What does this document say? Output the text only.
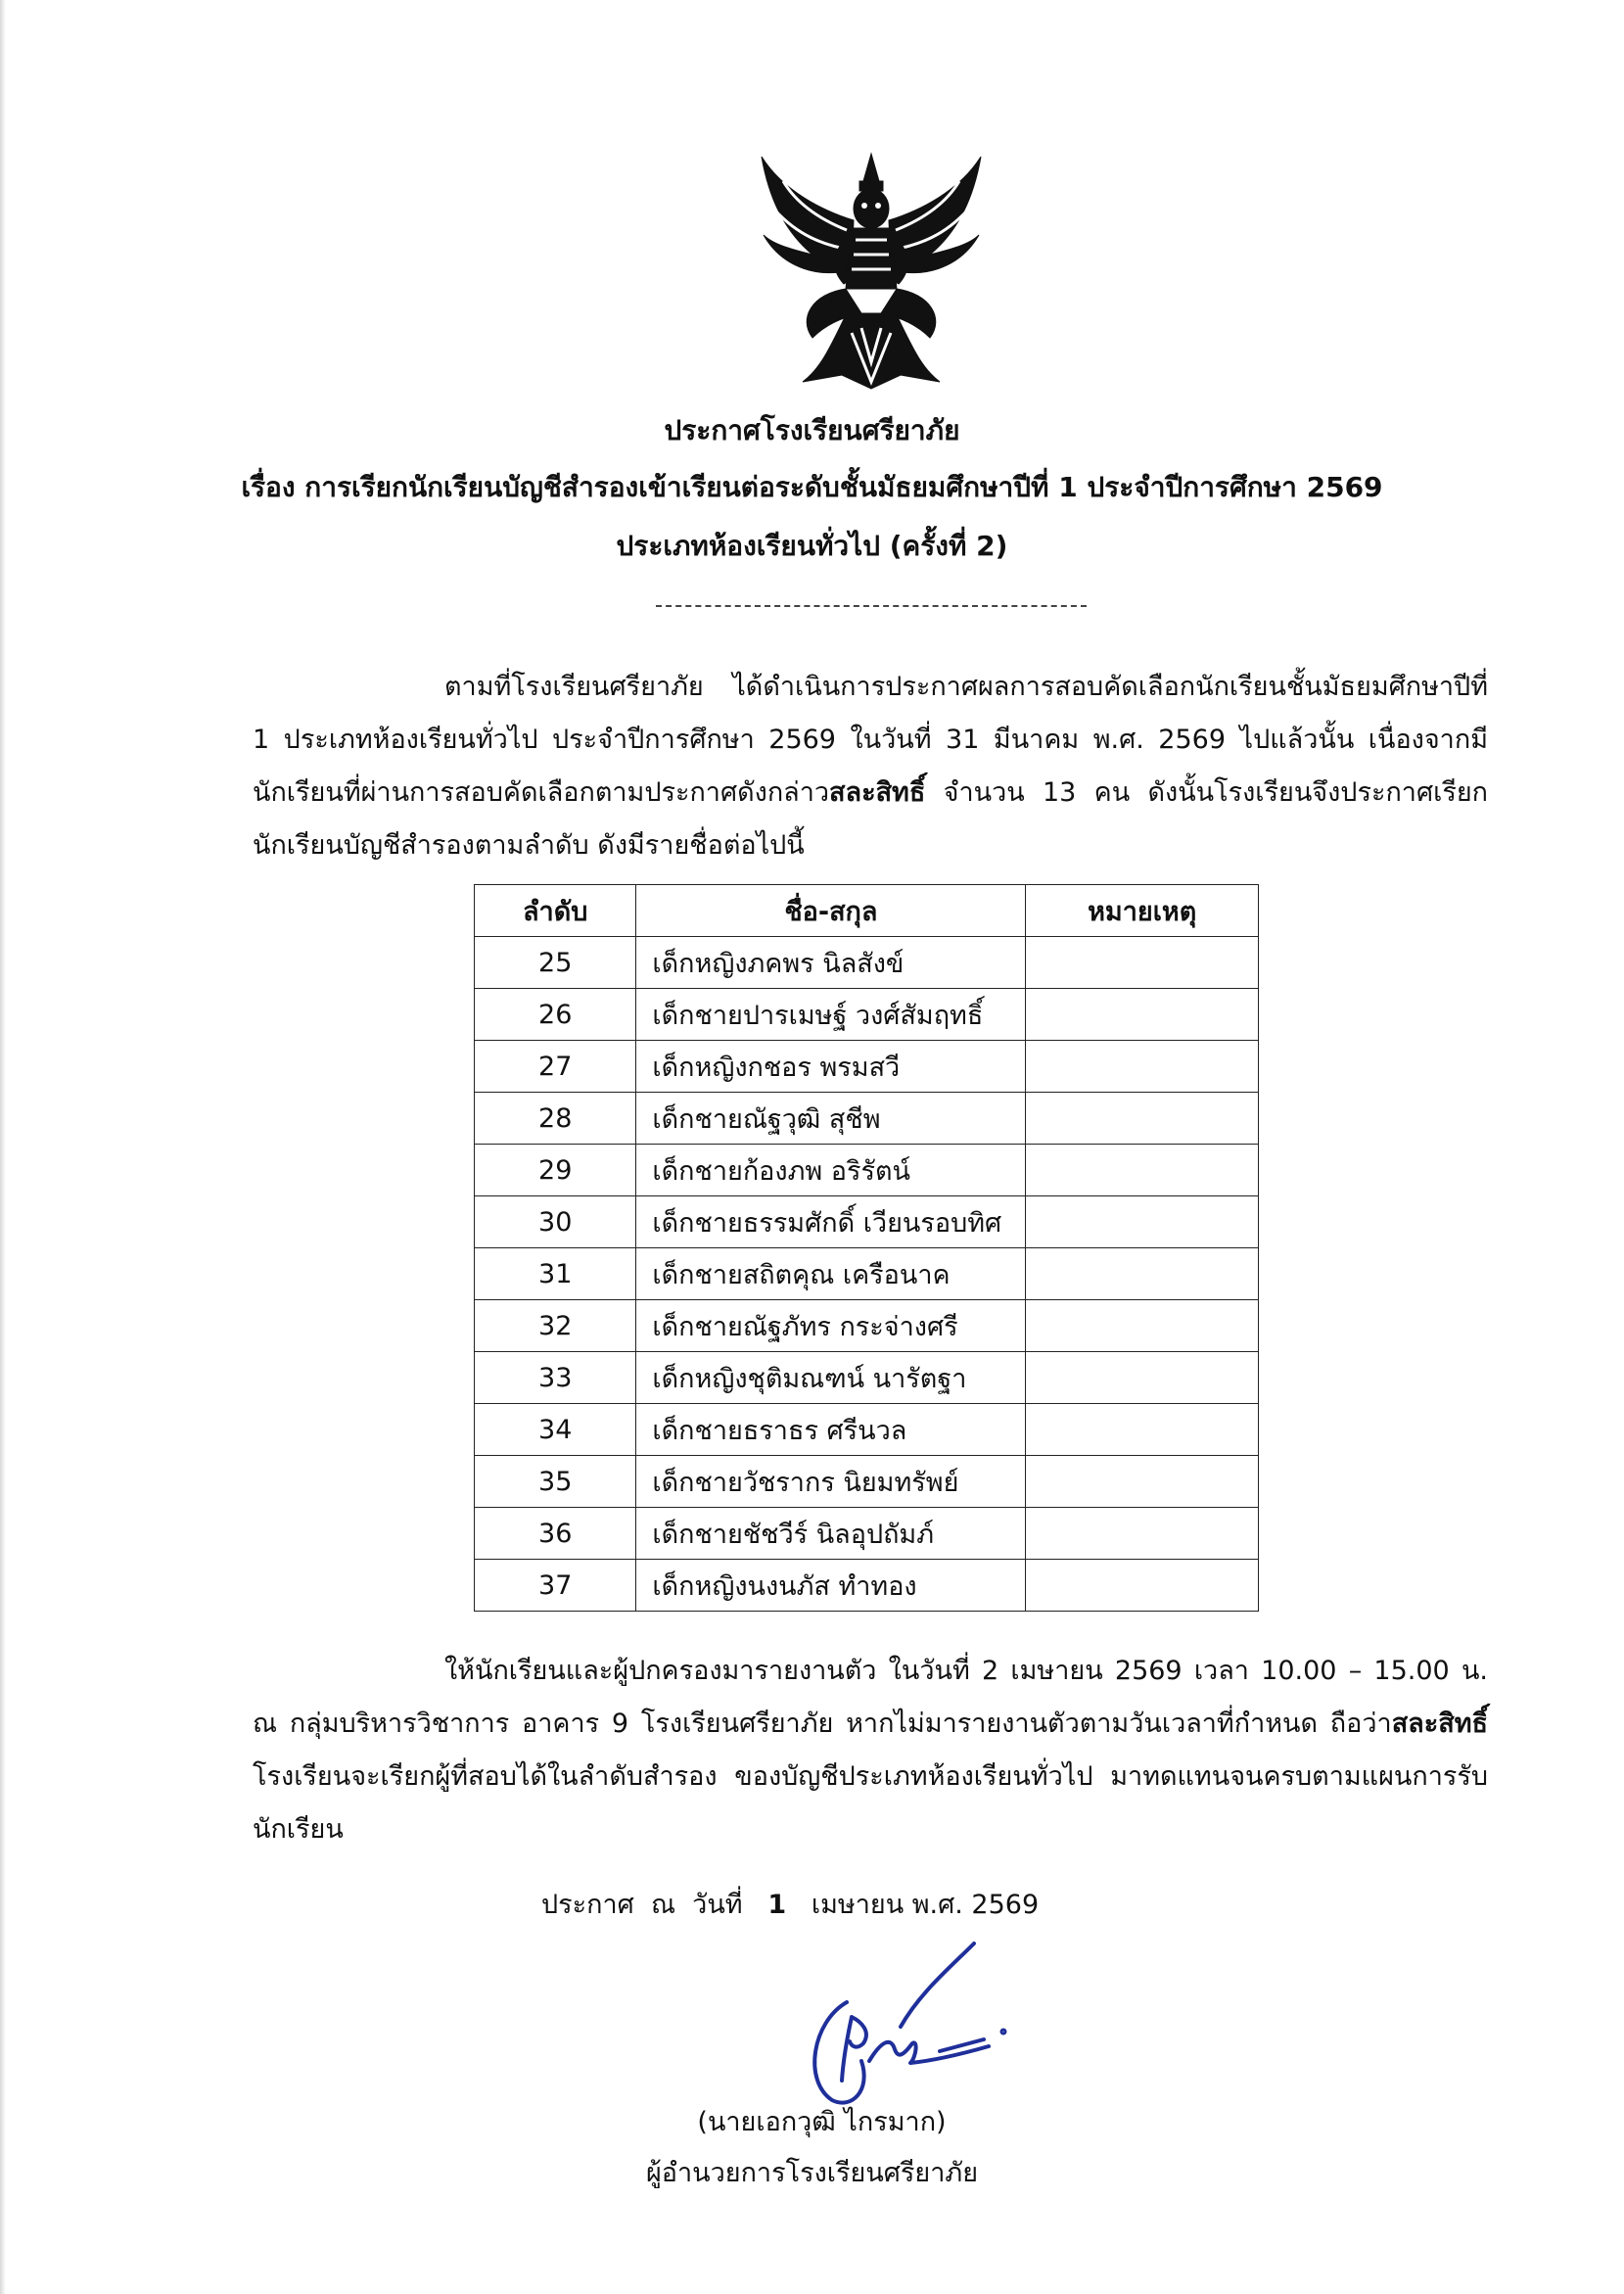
ประกาศโรงเรียนศรียาภัย
เรื่อง การเรียกนักเรียนบัญชีสำรองเข้าเรียนต่อระดับชั้นมัธยมศึกษาปีที่ 1 ประจำปีการศึกษา 2569
ประเภทห้องเรียนทั่วไป (ครั้งที่ 2)
ตามที่โรงเรียนศรียาภัย ได้ดำเนินการประกาศผลการสอบคัดเลือกนักเรียนชั้นมัธยมศึกษาปีที่ 1 ประเภทห้องเรียนทั่วไป ประจำปีการศึกษา 2569 ในวันที่ 31 มีนาคม พ.ศ. 2569 ไปแล้วนั้น เนื่องจากมีนักเรียนที่ผ่านการสอบคัดเลือกตามประกาศดังกล่าวสละสิทธิ์ จำนวน 13 คน ดังนั้นโรงเรียนจึงประกาศเรียกนักเรียนบัญชีสำรองตามลำดับ ดังมีรายชื่อต่อไปนี้
ลำดับ	ชื่อ-สกุล	หมายเหตุ
25	เด็กหญิงภคพร นิลสังข์	
26	เด็กชายปารเมษฐ์ วงศ์สัมฤทธิ์	
27	เด็กหญิงกชอร พรมสวี	
28	เด็กชายณัฐวุฒิ สุชีพ	
29	เด็กชายก้องภพ อริรัตน์	
30	เด็กชายธรรมศักดิ์ เวียนรอบทิศ	
31	เด็กชายสถิตคุณ เครือนาค	
32	เด็กชายณัฐภัทร กระจ่างศรี	
33	เด็กหญิงชุติมณฑน์ นารัตฐา	
34	เด็กชายธราธร ศรีนวล	
35	เด็กชายวัชรากร นิยมทรัพย์	
36	เด็กชายชัชวีร์ นิลอุปถัมภ์	
37	เด็กหญิงนงนภัส ทำทอง	
ให้นักเรียนและผู้ปกครองมารายงานตัว ในวันที่ 2 เมษายน 2569 เวลา 10.00 – 15.00 น. ณ กลุ่มบริหารวิชาการ อาคาร 9 โรงเรียนศรียาภัย หากไม่มารายงานตัวตามวันเวลาที่กำหนด ถือว่าสละสิทธิ์ โรงเรียนจะเรียกผู้ที่สอบได้ในลำดับสำรอง ของบัญชีประเภทห้องเรียนทั่วไป มาทดแทนจนครบตามแผนการรับนักเรียน
ประกาศ  ณ  วันที่   1   เมษายน พ.ศ. 2569
(นายเอกวุฒิ ไกรมาก)
ผู้อำนวยการโรงเรียนศรียาภัย
